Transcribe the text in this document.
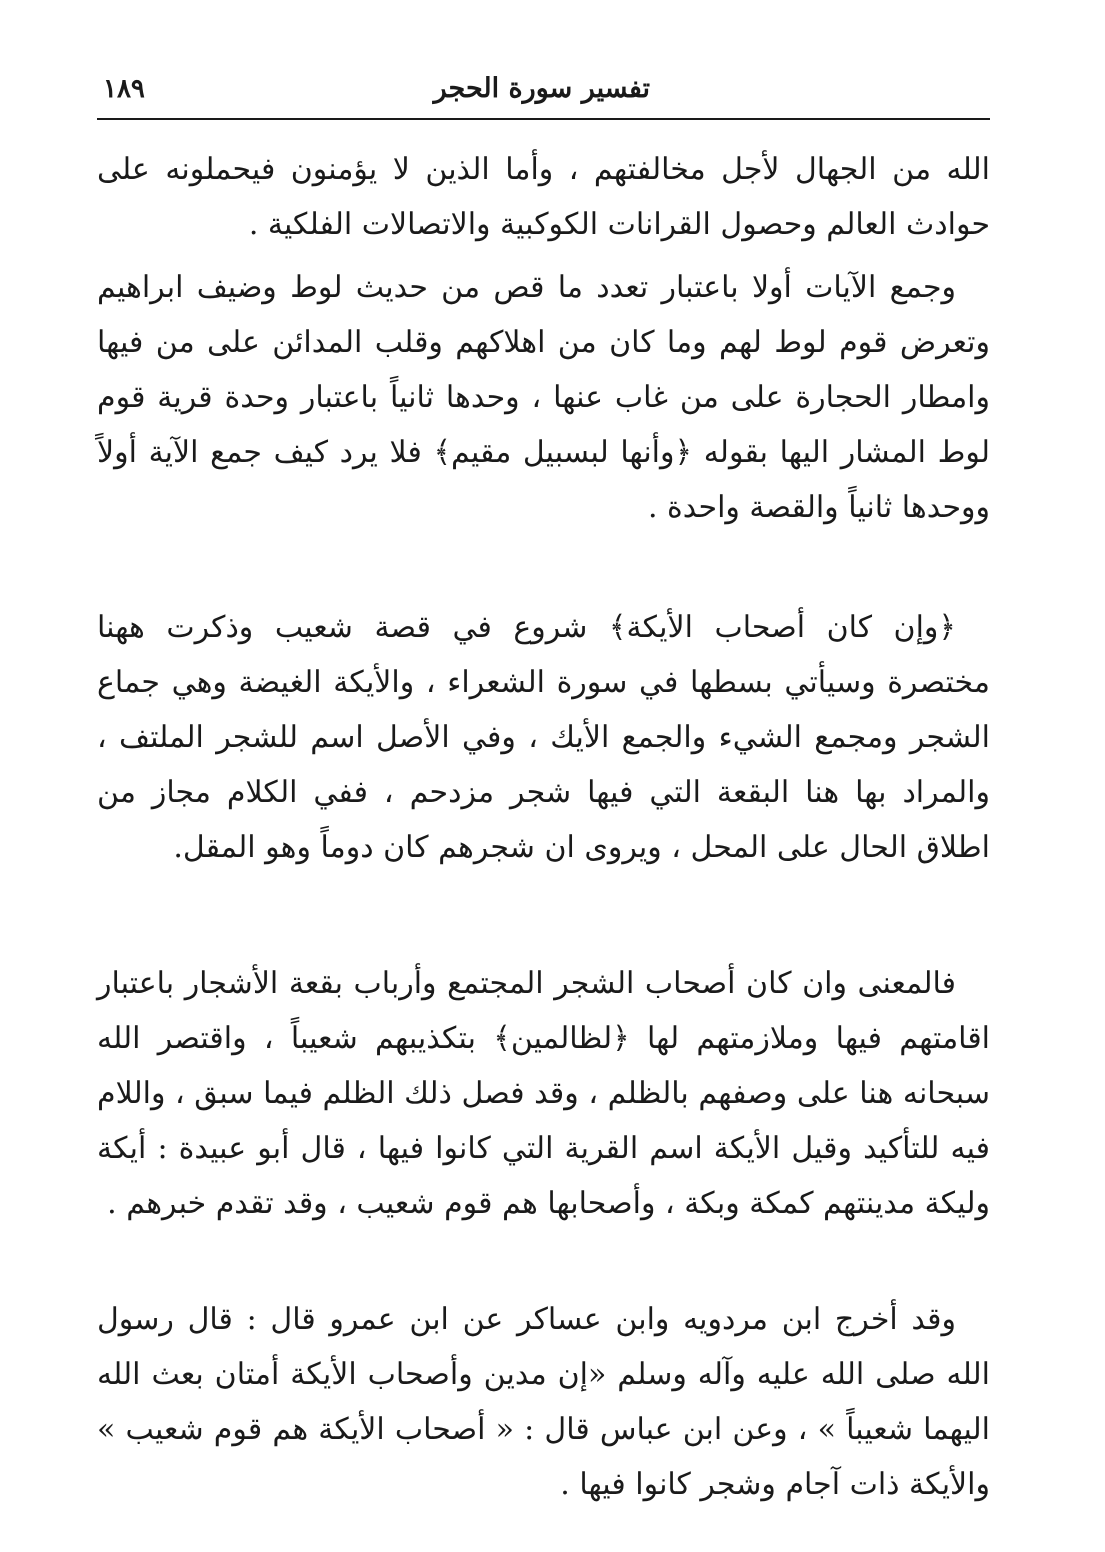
تفسير سورة الحجر
١٨٩

الله من الجهال لأجل مخالفتهم ، وأما الذين لا يؤمنون فيحملونه على حوادث العالم وحصول القرانات الكوكبية والاتصالات الفلكية .

وجمع الآيات أولا باعتبار تعدد ما قص من حديث لوط وضيف ابراهيم وتعرض قوم لوط لهم وما كان من اهلاكهم وقلب المدائن على من فيها وامطار الحجارة على من غاب عنها ، وحدها ثانياً باعتبار وحدة قرية قوم لوط المشار اليها بقوله ﴿وأنها لبسبيل مقيم﴾ فلا يرد كيف جمع الآية أولاً ووحدها ثانياً والقصة واحدة .

﴿وإن كان أصحاب الأيكة﴾ شروع في قصة شعيب وذكرت ههنا مختصرة وسيأتي بسطها في سورة الشعراء ، والأيكة الغيضة وهي جماع الشجر ومجمع الشيء والجمع الأيك ، وفي الأصل اسم للشجر الملتف ، والمراد بها هنا البقعة التي فيها شجر مزدحم ، ففي الكلام مجاز من اطلاق الحال على المحل ، ويروى ان شجرهم كان دوماً وهو المقل.

فالمعنى وان كان أصحاب الشجر المجتمع وأرباب بقعة الأشجار باعتبار اقامتهم فيها وملازمتهم لها ﴿لظالمين﴾ بتكذيبهم شعيباً ، واقتصر الله سبحانه هنا على وصفهم بالظلم ، وقد فصل ذلك الظلم فيما سبق ، واللام فيه للتأكيد وقيل الأيكة اسم القرية التي كانوا فيها ، قال أبو عبيدة : أيكة وليكة مدينتهم كمكة وبكة ، وأصحابها هم قوم شعيب ، وقد تقدم خبرهم .

وقد أخرج ابن مردويه وابن عساكر عن ابن عمرو قال : قال رسول الله صلى الله عليه وآله وسلم «إن مدين وأصحاب الأيكة أمتان بعث الله اليهما شعيباً » ، وعن ابن عباس قال : « أصحاب الأيكة هم قوم شعيب » والأيكة ذات آجام وشجر كانوا فيها .
